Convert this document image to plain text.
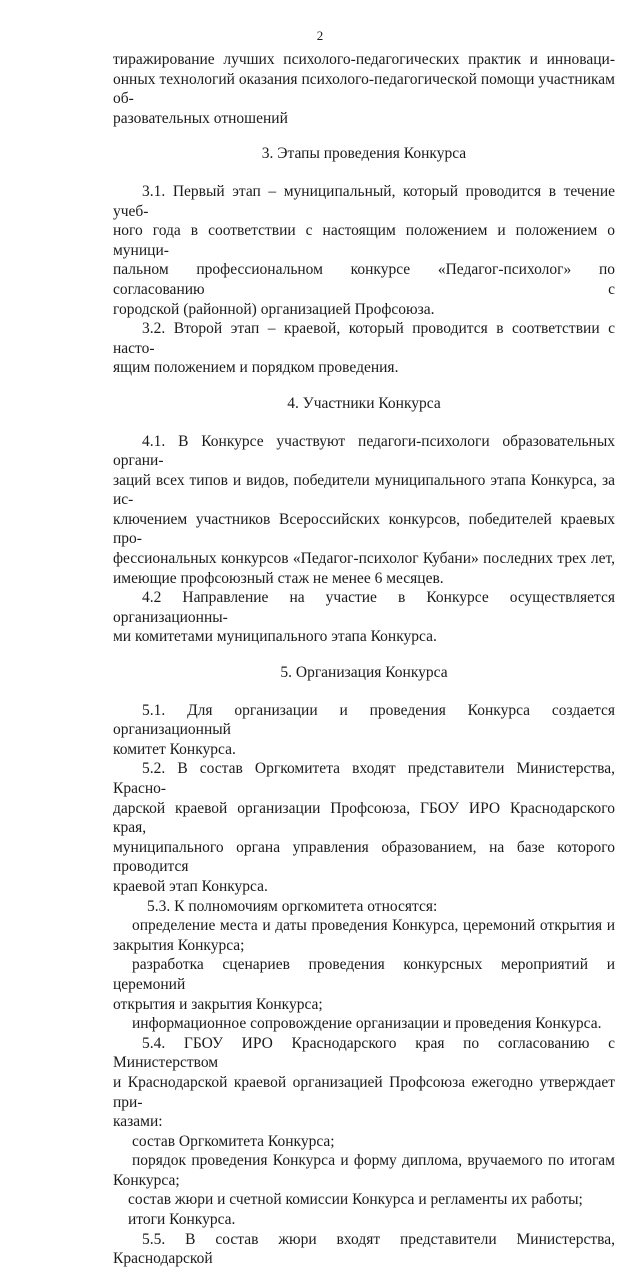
2

тиражирование лучших психолого-педагогических практик и инноваци-

онных технологий оказания психолого-педагогической помощи участникам об-

разовательных отношений

3. Этапы проведения Конкурса

3.1. Первый этап – муниципальный, который проводится в течение учеб-

ного года в соответствии с настоящим положением и положением о муници-

пальном профессиональном конкурсе «Педагог-психолог» по согласованию с

городской (районной) организацией Профсоюза.

3.2. Второй этап – краевой, который проводится в соответствии с насто-

ящим положением и порядком проведения.

4. Участники Конкурса

4.1. В Конкурсе участвуют педагоги-психологи образовательных органи-

заций всех типов и видов, победители муниципального этапа Конкурса, за ис-

ключением участников Всероссийских конкурсов, победителей краевых про-

фессиональных конкурсов «Педагог-психолог Кубани» последних трех лет,

имеющие профсоюзный стаж не менее 6 месяцев.

4.2 Направление на участие в Конкурсе осуществляется организационны-

ми комитетами муниципального этапа Конкурса.

5. Организация Конкурса

5.1. Для организации и проведения Конкурса создается организационный

комитет Конкурса.

5.2. В состав Оргкомитета входят представители Министерства, Красно-

дарской краевой организации Профсоюза, ГБОУ ИРО Краснодарского края,

муниципального органа управления образованием, на базе которого проводится

краевой этап Конкурса.

5.3. К полномочиям оргкомитета относятся:

определение места и даты проведения Конкурса, церемоний открытия и

закрытия Конкурса;

разработка сценариев проведения конкурсных мероприятий и церемоний

открытия и закрытия Конкурса;

информационное сопровождение организации и проведения Конкурса.

5.4. ГБОУ ИРО Краснодарского края по согласованию с Министерством

и Краснодарской краевой организацией Профсоюза ежегодно утверждает при-

казами:

состав Оргкомитета Конкурса;

порядок проведения Конкурса и форму диплома, вручаемого по итогам

Конкурса;

состав жюри и счетной комиссии Конкурса и регламенты их работы;

итоги Конкурса.

5.5. В состав жюри входят представители Министерства, Краснодарской
